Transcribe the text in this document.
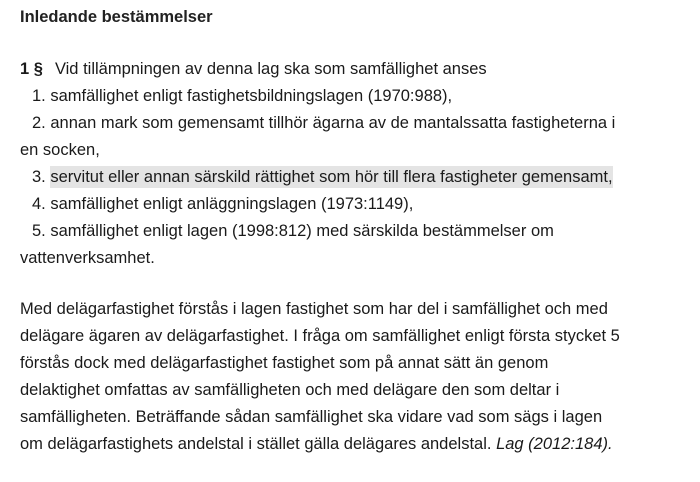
Inledande bestämmelser
1 § Vid tillämpningen av denna lag ska som samfällighet anses
1. samfällighet enligt fastighetsbildningslagen (1970:988),
2. annan mark som gemensamt tillhör ägarna av de mantalssatta fastigheterna i
en socken,
3. servitut eller annan särskild rättighet som hör till flera fastigheter gemensamt,
4. samfällighet enligt anläggningslagen (1973:1149),
5. samfällighet enligt lagen (1998:812) med särskilda bestämmelser om
vattenverksamhet.
Med delägarfastighet förstås i lagen fastighet som har del i samfällighet och med
delägare ägaren av delägarfastighet. I fråga om samfällighet enligt första stycket 5
förstås dock med delägarfastighet fastighet som på annat sätt än genom
delaktighet omfattas av samfälligheten och med delägare den som deltar i
samfälligheten. Beträffande sådan samfällighet ska vidare vad som sägs i lagen
om delägarfastighets andelstal i stället gälla delägares andelstal. Lag (2012:184).
